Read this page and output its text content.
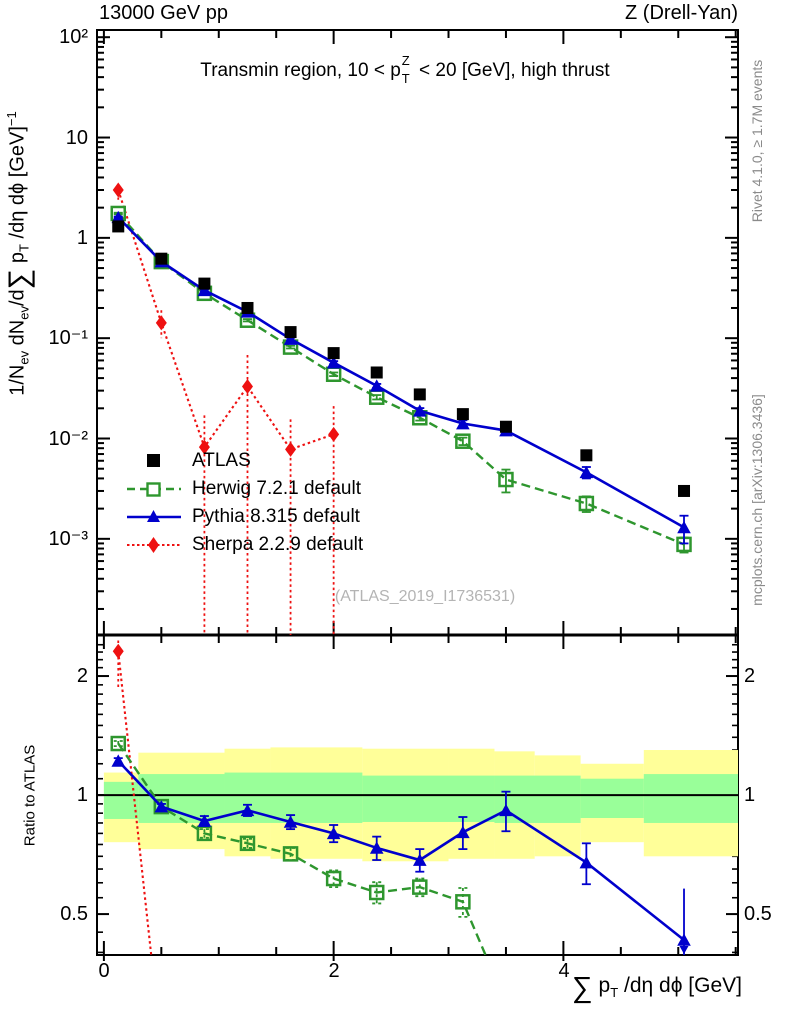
13000 GeV pp	Z (Drell-Yan)
Transmin region, 10 < p Z
T < 20 [GeV], high thrust
$1/N_{ev}$ $dN_{ev}/d\sum$ $p_T$ /dη dϕ [GeV]$^{-1}$
∑ $p_T$ /dη dϕ [GeV]
Ratio to ATLAS
Rivet 4.1.0, ≥ 1.7M events
mcplots.cern.ch [arXiv:1306.3436]
(ATLAS_2019_I1736531)
10²
10
1
10⁻¹
10⁻²
10⁻³
2
1
0.5
2
1
0.5
0	2	4
ATLAS
Herwig 7.2.1 default
Pythia 8.315 default
Sherpa 2.2.9 default
